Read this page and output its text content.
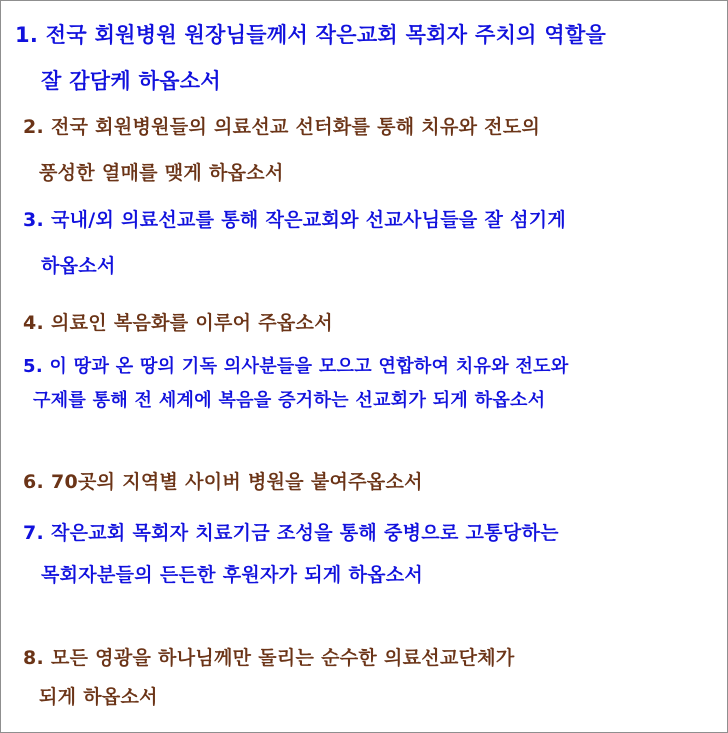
1. 전국 회원병원 원장님들께서 작은교회 목회자 주치의 역할을
잘 감담케 하옵소서
2. 전국 회원병원들의 의료선교 선터화를 통해 치유와 전도의
풍성한 열매를 맺게 하옵소서
3. 국내/외 의료선교를 통해 작은교회와 선교사님들을 잘 섬기게
하옵소서
4. 의료인 복음화를 이루어 주옵소서
5. 이 땅과 온 땅의 기독 의사분들을 모으고 연합하여 치유와 전도와
구제를 통해 전 세계에 복음을 증거하는 선교회가 되게 하옵소서
6. 70곳의 지역별 사이버 병원을 붙여주옵소서
7. 작은교회 목회자 치료기금 조성을 통해 중병으로 고통당하는
목회자분들의 든든한 후원자가 되게 하옵소서
8. 모든 영광을 하나님께만 돌리는 순수한 의료선교단체가
되게 하옵소서
